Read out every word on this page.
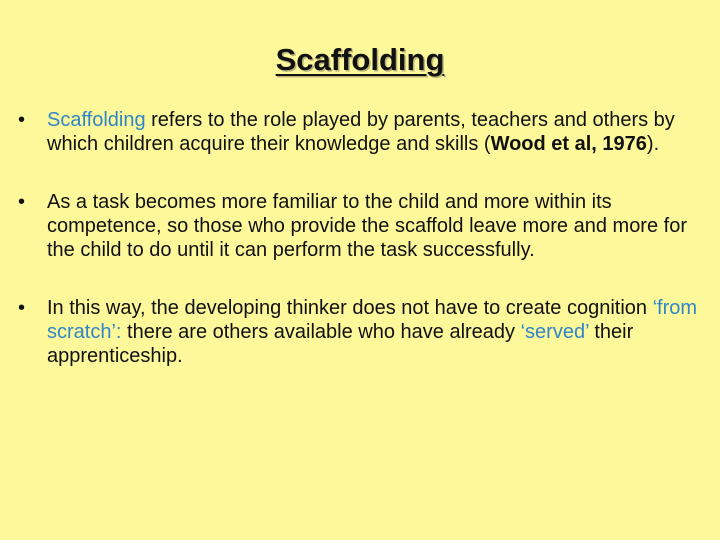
Scaffolding
•	Scaffolding refers to the role played by parents, teachers and others by which children acquire their knowledge and skills (Wood et al, 1976).
•	As a task becomes more familiar to the child and more within its competence, so those who provide the scaffold leave more and more for the child to do until it can perform the task successfully.
•	In this way, the developing thinker does not have to create cognition ‘from scratch’: there are others available who have already ‘served’ their apprenticeship.
